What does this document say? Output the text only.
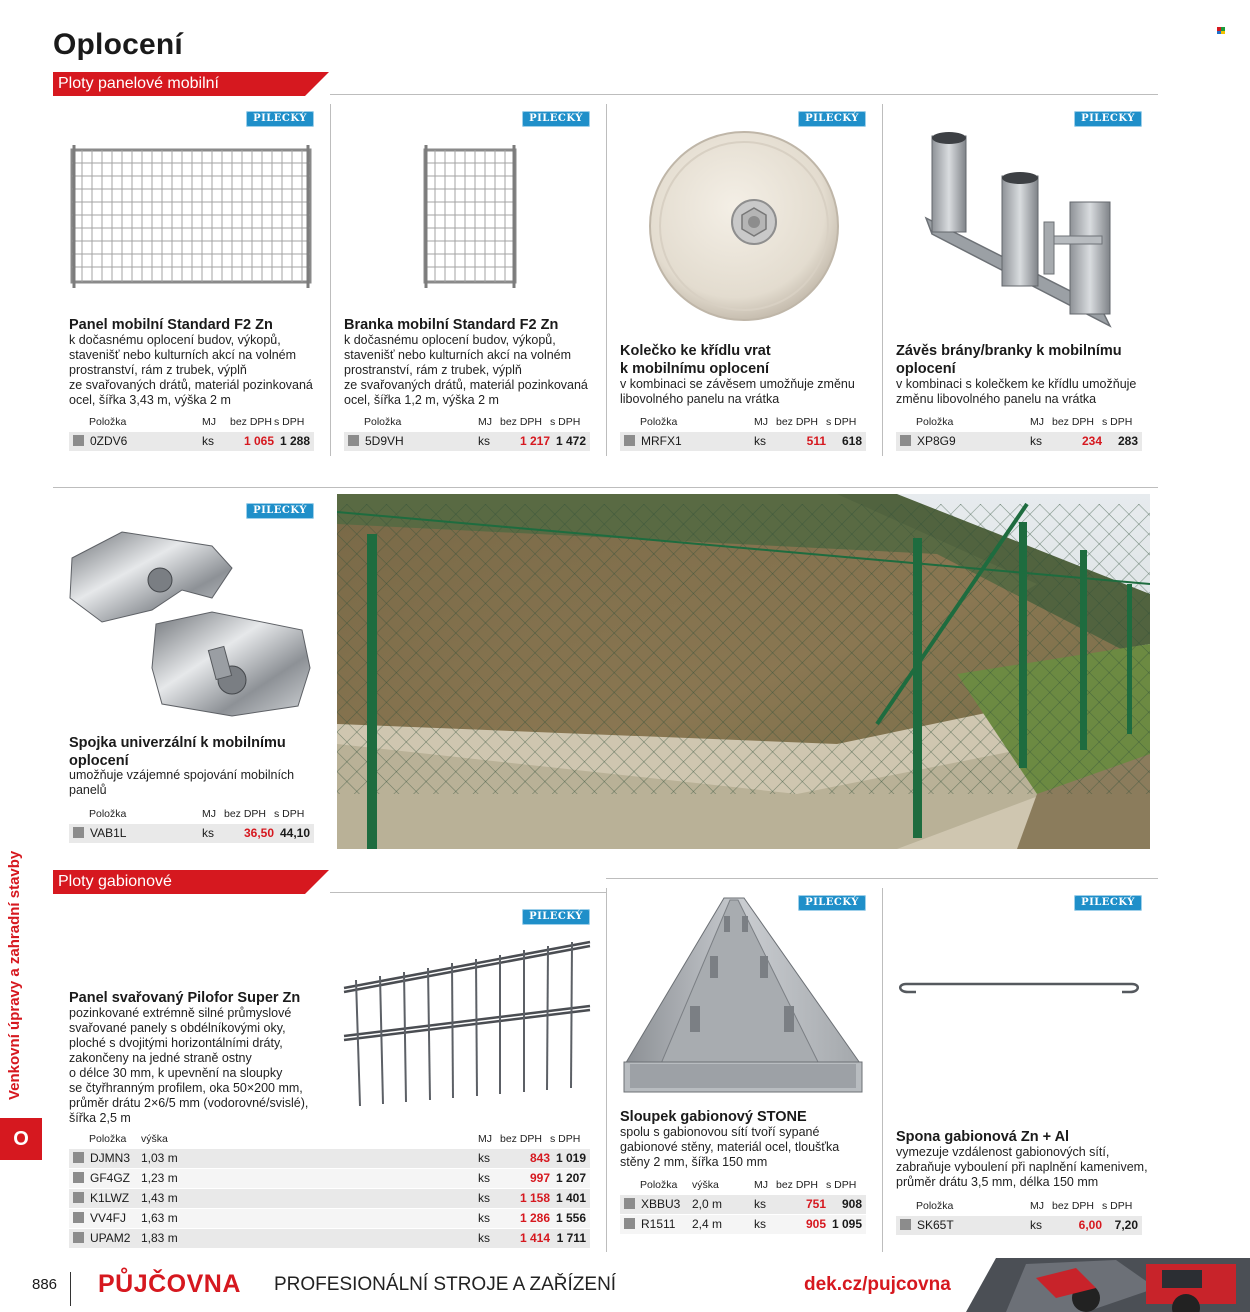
Oplocení
Ploty panelové mobilní
PILECKÝ
Panel mobilní Standard F2 Zn
k dočasnému oplocení budov, výkopů,
stavenišť nebo kulturních akcí na volném
prostranství, rám z trubek, výplň
ze svařovaných drátů, materiál pozinkovaná
ocel, šířka 3,43 m, výška 2 m
Položka	MJ	bez DPH	s DPH
0ZDV6	ks	1 065	1 288
PILECKÝ
Branka mobilní Standard F2 Zn
k dočasnému oplocení budov, výkopů,
stavenišť nebo kulturních akcí na volném
prostranství, rám z trubek, výplň
ze svařovaných drátů, materiál pozinkovaná
ocel, šířka 1,2 m, výška 2 m
Položka	MJ	bez DPH	s DPH
5D9VH	ks	1 217	1 472
PILECKÝ
Kolečko ke křídlu vrat
k mobilnímu oplocení
v kombinaci se závěsem umožňuje změnu
libovolného panelu na vrátka
Položka	MJ	bez DPH	s DPH
MRFX1	ks	511	618
PILECKÝ
Závěs brány/branky k mobilnímu
oplocení
v kombinaci s kolečkem ke křídlu umožňuje
změnu libovolného panelu na vrátka
Položka	MJ	bez DPH	s DPH
XP8G9	ks	234	283
PILECKÝ
Spojka univerzální k mobilnímu
oplocení
umožňuje vzájemné spojování mobilních
panelů
Položka	MJ	bez DPH	s DPH
VAB1L	ks	36,50	44,10
Ploty gabionové
PILECKÝ
Panel svařovaný Pilofor Super Zn
pozinkované extrémně silné průmyslové
svařované panely s obdélníkovými oky,
ploché s dvojitými horizontálními dráty,
zakončeny na jedné straně ostny
o délce 30 mm, k upevnění na sloupky
se čtyřhranným profilem, oka 50×200 mm,
průměr drátu 2×6/5 mm (vodorovné/svislé),
šířka 2,5 m
Položka	výška	MJ	bez DPH	s DPH
DJMN3	1,03 m	ks	843	1 019
GF4GZ	1,23 m	ks	997	1 207
K1LWZ	1,43 m	ks	1 158	1 401
VV4FJ	1,63 m	ks	1 286	1 556
UPAM2	1,83 m	ks	1 414	1 711
PILECKÝ
Sloupek gabionový STONE
spolu s gabionovou sítí tvoří sypané
gabionové stěny, materiál ocel, tloušťka
stěny 2 mm, šířka 150 mm
Položka	výška	MJ	bez DPH	s DPH
XBBU3	2,0 m	ks	751	908
R1511	2,4 m	ks	905	1 095
PILECKÝ
Spona gabionová Zn + Al
vymezuje vzdálenost gabionových sítí,
zabraňuje vyboulení při naplnění kamenivem,
průměr drátu 3,5 mm, délka 150 mm
Položka	MJ	bez DPH	s DPH
SK65T	ks	6,00	7,20
Venkovní úpravy a zahradní stavby
O
886 PŮJČOVNA PROFESIONÁLNÍ STROJE A ZAŘÍZENÍ	dek.cz/pujcovna
